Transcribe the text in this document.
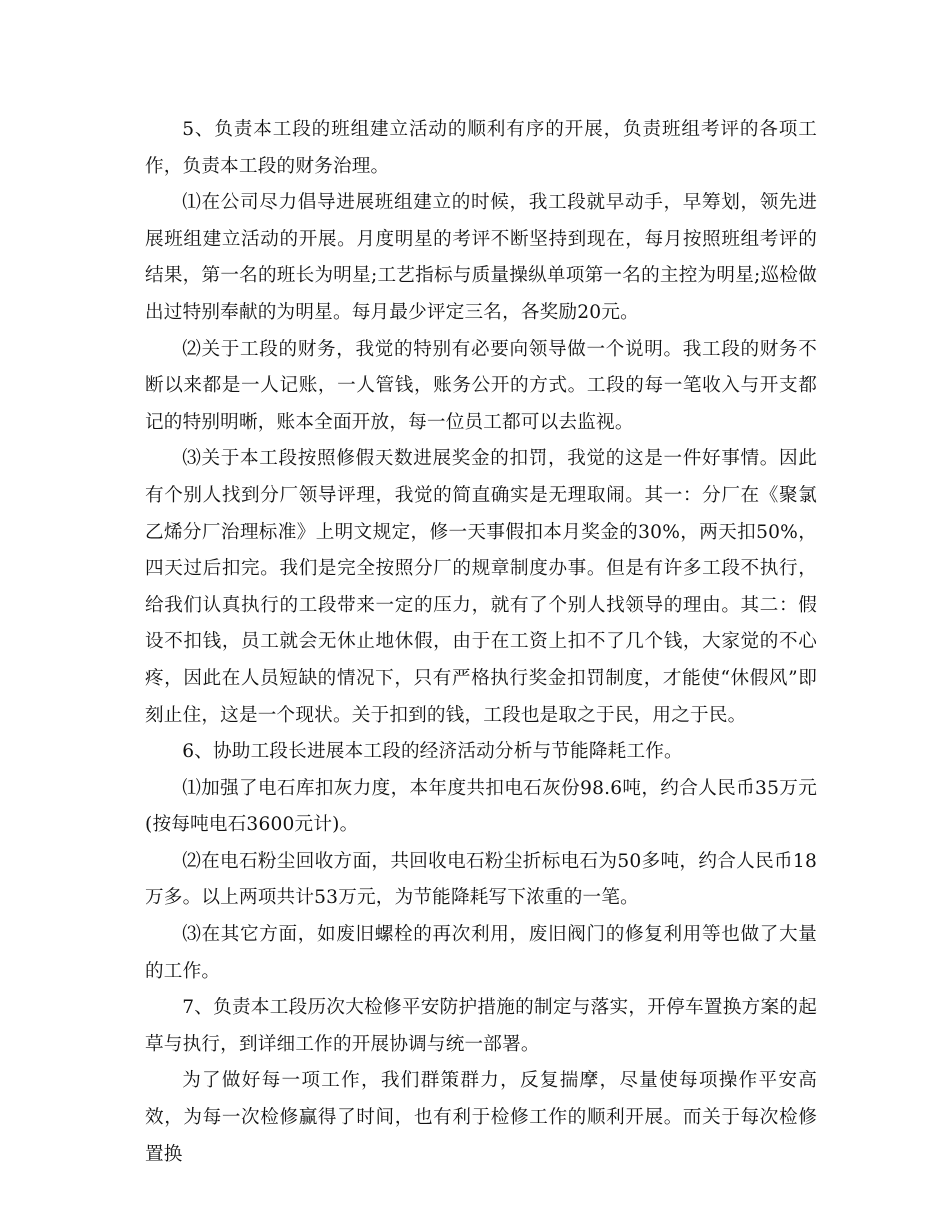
5、负责本工段的班组建立活动的顺利有序的开展，负责班组考评的各项工作，负责本工段的财务治理。

⑴在公司尽力倡导进展班组建立的时候，我工段就早动手，早筹划，领先进展班组建立活动的开展。月度明星的考评不断坚持到现在，每月按照班组考评的结果，第一名的班长为明星;工艺指标与质量操纵单项第一名的主控为明星;巡检做出过特别奉献的为明星。每月最少评定三名，各奖励20元。

⑵关于工段的财务，我觉的特别有必要向领导做一个说明。我工段的财务不断以来都是一人记账，一人管钱，账务公开的方式。工段的每一笔收入与开支都记的特别明晰，账本全面开放，每一位员工都可以去监视。

⑶关于本工段按照修假天数进展奖金的扣罚，我觉的这是一件好事情。因此有个别人找到分厂领导评理，我觉的简直确实是无理取闹。其一：分厂在《聚氯乙烯分厂治理标准》上明文规定，修一天事假扣本月奖金的30%，两天扣50%，四天过后扣完。我们是完全按照分厂的规章制度办事。但是有许多工段不执行，给我们认真执行的工段带来一定的压力，就有了个别人找领导的理由。其二：假设不扣钱，员工就会无休止地休假，由于在工资上扣不了几个钱，大家觉的不心疼，因此在人员短缺的情况下，只有严格执行奖金扣罚制度，才能使“休假风”即刻止住，这是一个现状。关于扣到的钱，工段也是取之于民，用之于民。

6、协助工段长进展本工段的经济活动分析与节能降耗工作。

⑴加强了电石库扣灰力度，本年度共扣电石灰份98.6吨，约合人民币35万元(按每吨电石3600元计)。

⑵在电石粉尘回收方面，共回收电石粉尘折标电石为50多吨，约合人民币18万多。以上两项共计53万元，为节能降耗写下浓重的一笔。

⑶在其它方面，如废旧螺栓的再次利用，废旧阀门的修复利用等也做了大量的工作。

7、负责本工段历次大检修平安防护措施的制定与落实，开停车置换方案的起草与执行，到详细工作的开展协调与统一部署。

为了做好每一项工作，我们群策群力，反复揣摩，尽量使每项操作平安高效，为每一次检修赢得了时间，也有利于检修工作的顺利开展。而关于每次检修置换
